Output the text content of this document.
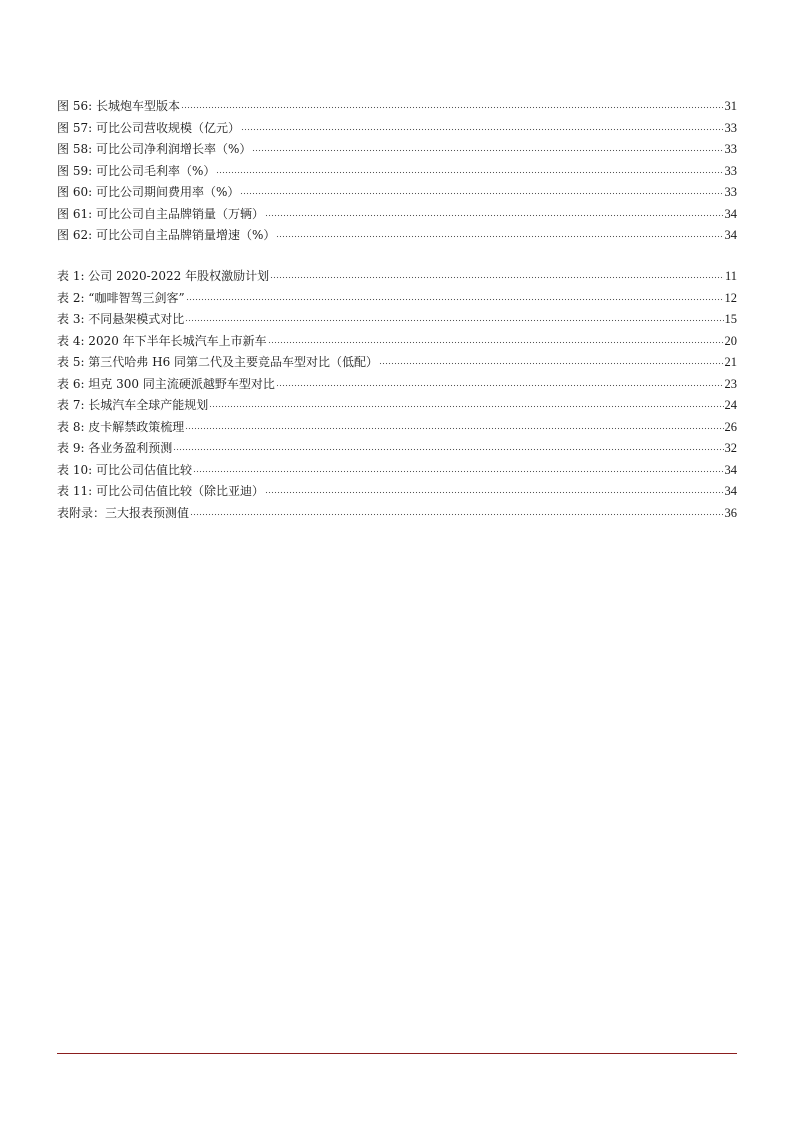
图 56: 长城炮车型版本	31
图 57: 可比公司营收规模（亿元）	33
图 58: 可比公司净利润增长率（%）	33
图 59: 可比公司毛利率（%）	33
图 60: 可比公司期间费用率（%）	33
图 61: 可比公司自主品牌销量（万辆）	34
图 62: 可比公司自主品牌销量增速（%）	34
表 1: 公司 2020-2022 年股权激励计划	11
表 2: “咖啡智驾三剑客”	12
表 3: 不同悬架模式对比	15
表 4: 2020 年下半年长城汽车上市新车	20
表 5: 第三代哈弗 H6 同第二代及主要竞品车型对比（低配）	21
表 6: 坦克 300 同主流硬派越野车型对比	23
表 7: 长城汽车全球产能规划	24
表 8: 皮卡解禁政策梳理	26
表 9: 各业务盈利预测	32
表 10: 可比公司估值比较	34
表 11: 可比公司估值比较（除比亚迪）	34
表附录：三大报表预测值	36
